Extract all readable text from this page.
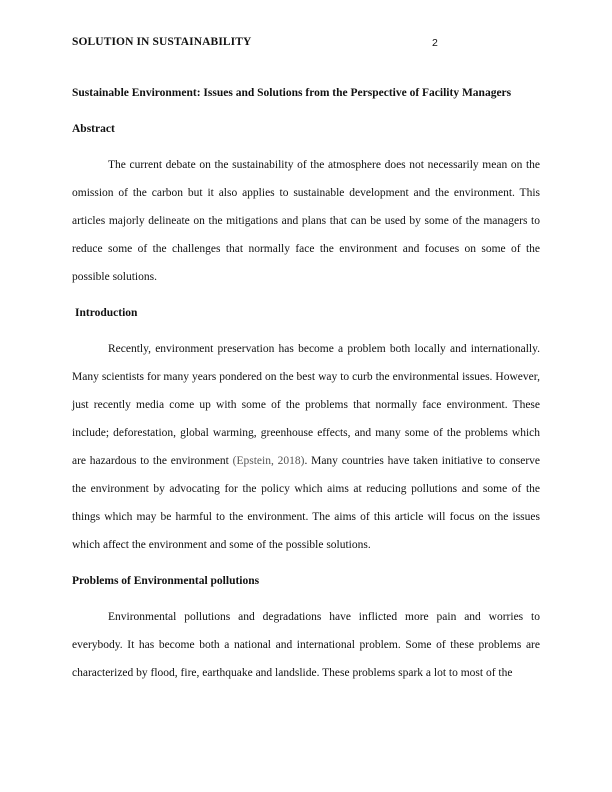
SOLUTION IN SUSTAINABILITY	2
Sustainable Environment: Issues and Solutions from the Perspective of Facility Managers
Abstract

The current debate on the sustainability of the atmosphere does not necessarily mean on the omission of the carbon but it also applies to sustainable development and the environment. This articles majorly delineate on the mitigations and plans that can be used by some of the managers to reduce some of the challenges that normally face the environment and focuses on some of the possible solutions.

Introduction

Recently, environment preservation has become a problem both locally and internationally. Many scientists for many years pondered on the best way to curb the environmental issues. However, just recently media come up with some of the problems that normally face environment. These include; deforestation, global warming, greenhouse effects, and many some of the problems which are hazardous to the environment (Epstein, 2018). Many countries have taken initiative to conserve the environment by advocating for the policy which aims at reducing pollutions and some of the things which may be harmful to the environment. The aims of this article will focus on the issues which affect the environment and some of the possible solutions.

Problems of Environmental pollutions

Environmental pollutions and degradations have inflicted more pain and worries to everybody. It has become both a national and international problem. Some of these problems are characterized by flood, fire, earthquake and landslide. These problems spark a lot to most of the
